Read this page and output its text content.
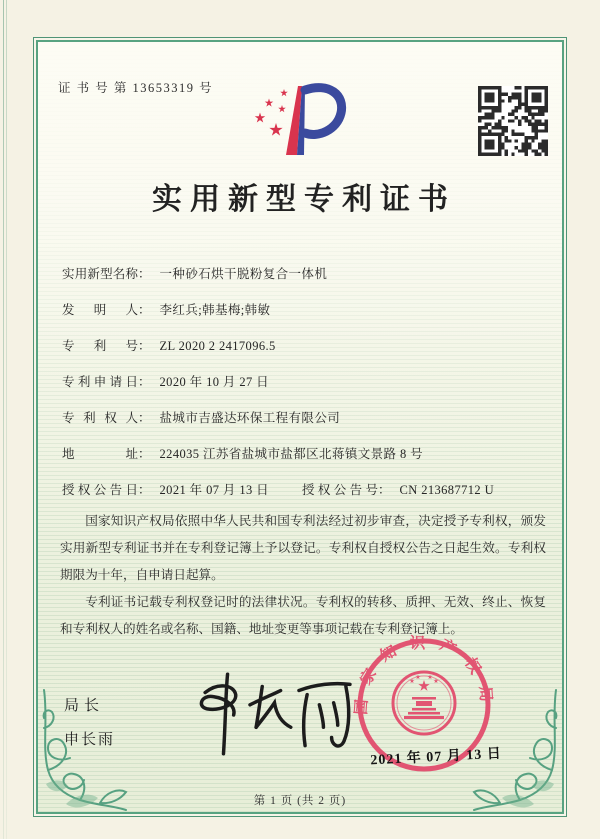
证 书 号 第 13653319 号
实用新型专利证书
实用新型名称： 一种砂石烘干脱粉复合一体机
发明人： 李红兵;韩基梅;韩敏
专利号： ZL 2020 2 2417096.5
专利申请日： 2020 年 10 月 27 日
专利权人： 盐城市吉盛达环保工程有限公司
地址： 224035 江苏省盐城市盐都区北蒋镇文景路 8 号
授权公告日： 2021 年 07 月 13 日	授权公告号： CN 213687712 U

国家知识产权局依照中华人民共和国专利法经过初步审查，决定授予专利权，颁发实用新型专利证书并在专利登记簿上予以登记。专利权自授权公告之日起生效。专利权期限为十年，自申请日起算。

专利证书记载专利权登记时的法律状况。专利权的转移、质押、无效、终止、恢复和专利权人的姓名或名称、国籍、地址变更等事项记载在专利登记簿上。

局长
申长雨
国家知识产权局
2021 年 07 月 13 日
第 1 页 (共 2 页)
